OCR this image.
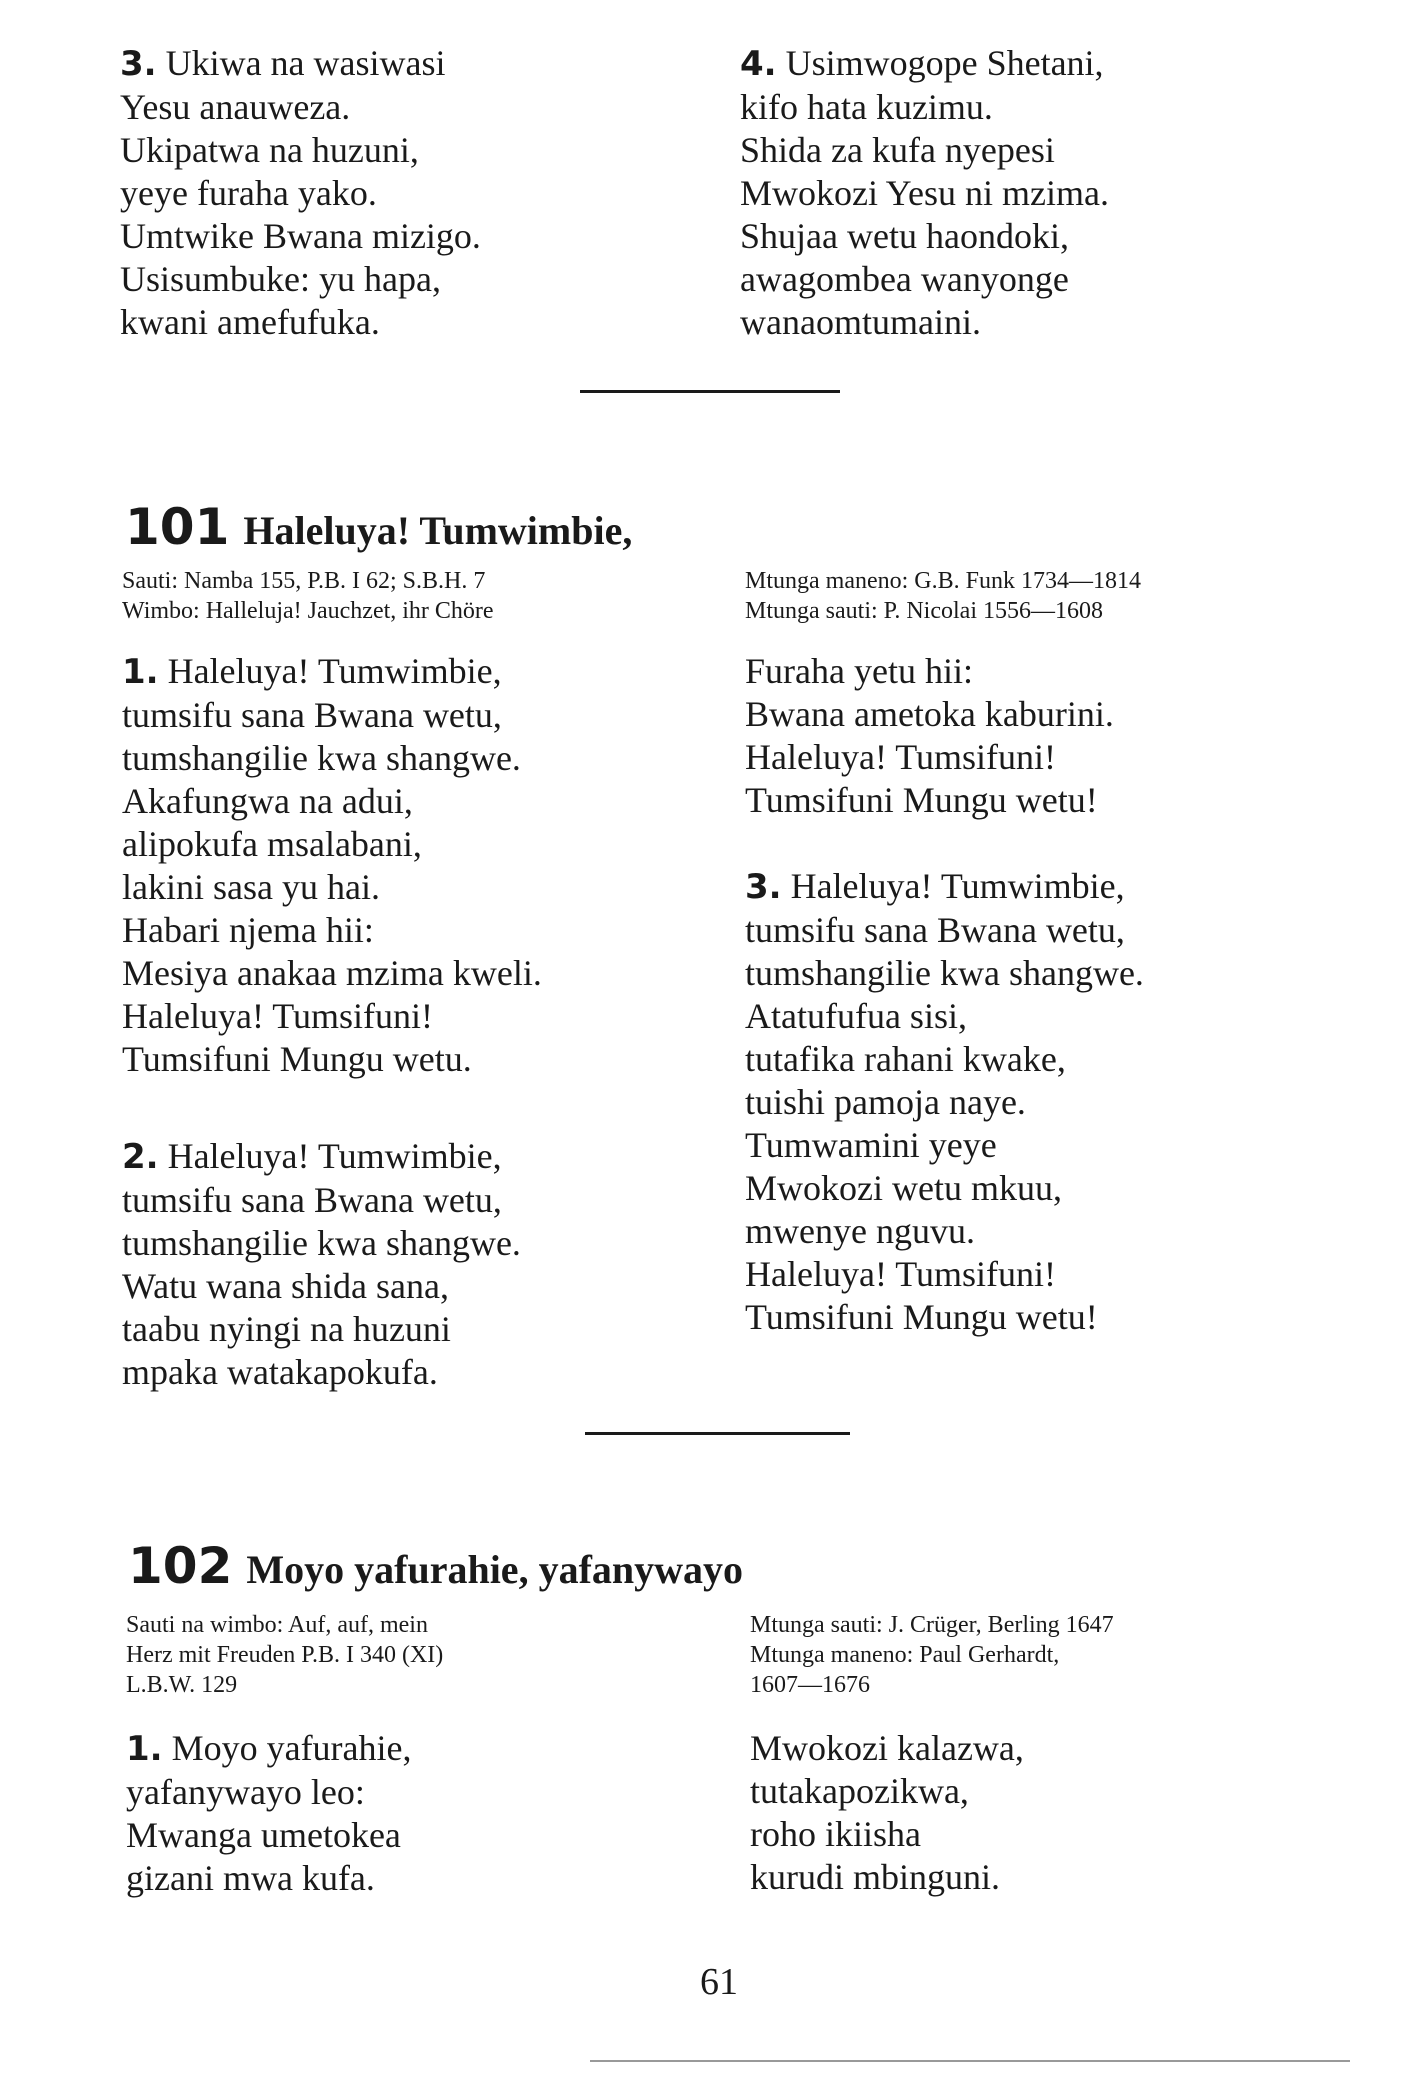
3. Ukiwa na wasiwasi
Yesu anauweza.
Ukipatwa na huzuni,
yeye furaha yako.
Umtwike Bwana mizigo.
Usisumbuke: yu hapa,
kwani amefufuka.
4. Usimwogope Shetani,
kifo hata kuzimu.
Shida za kufa nyepesi
Mwokozi Yesu ni mzima.
Shujaa wetu haondoki,
awagombea wanyonge
wanaomtumaini.
101 Haleluya! Tumwimbie,
Sauti: Namba 155, P.B. I 62; S.B.H. 7
Wimbo: Halleluja! Jauchzet, ihr Chöre
Mtunga maneno: G.B. Funk 1734—1814
Mtunga sauti: P. Nicolai 1556—1608
1. Haleluya! Tumwimbie,
tumsifu sana Bwana wetu,
tumshangilie kwa shangwe.
Akafungwa na adui,
alipokufa msalabani,
lakini sasa yu hai.
Habari njema hii:
Mesiya anakaa mzima kweli.
Haleluya! Tumsifuni!
Tumsifuni Mungu wetu.
2. Haleluya! Tumwimbie,
tumsifu sana Bwana wetu,
tumshangilie kwa shangwe.
Watu wana shida sana,
taabu nyingi na huzuni
mpaka watakapokufa.
Furaha yetu hii:
Bwana ametoka kaburini.
Haleluya! Tumsifuni!
Tumsifuni Mungu wetu!
3. Haleluya! Tumwimbie,
tumsifu sana Bwana wetu,
tumshangilie kwa shangwe.
Atatufufua sisi,
tutafika rahani kwake,
tuishi pamoja naye.
Tumwamini yeye
Mwokozi wetu mkuu,
mwenye nguvu.
Haleluya! Tumsifuni!
Tumsifuni Mungu wetu!
102 Moyo yafurahie, yafanywayo
Sauti na wimbo: Auf, auf, mein
Herz mit Freuden P.B. I 340 (XI)
L.B.W. 129
Mtunga sauti: J. Crüger, Berling 1647
Mtunga maneno: Paul Gerhardt,
1607—1676
1. Moyo yafurahie,
yafanywayo leo:
Mwanga umetokea
gizani mwa kufa.
Mwokozi kalazwa,
tutakapozikwa,
roho ikiisha
kurudi mbinguni.
61
